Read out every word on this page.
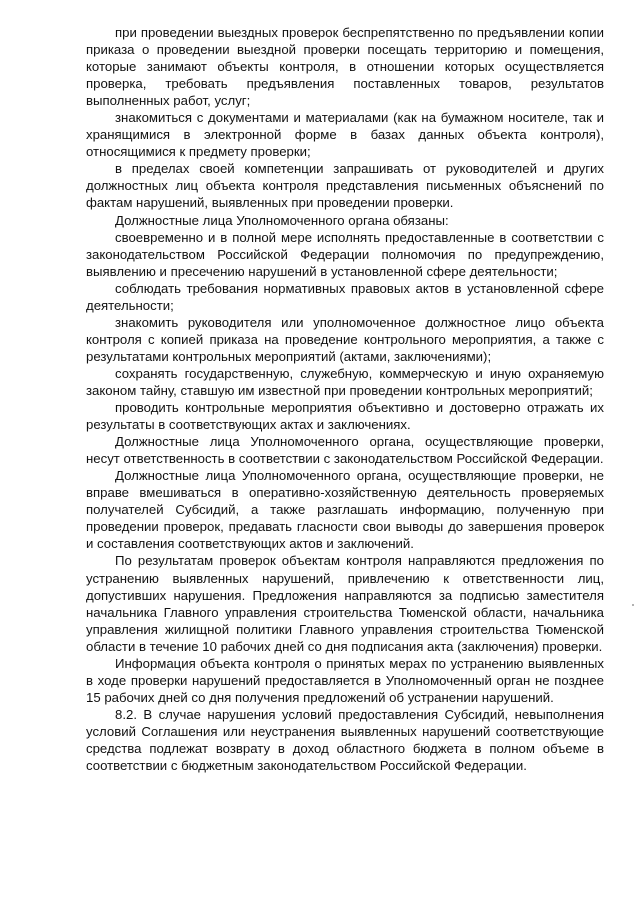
при проведении выездных проверок беспрепятственно по предъявлении копии приказа о проведении выездной проверки посещать территорию и помещения, которые занимают объекты контроля, в отношении которых осуществляется проверка, требовать предъявления поставленных товаров, результатов выполненных работ, услуг;

знакомиться с документами и материалами (как на бумажном носителе, так и хранящимися в электронной форме в базах данных объекта контроля), относящимися к предмету проверки;

в пределах своей компетенции запрашивать от руководителей и других должностных лиц объекта контроля представления письменных объяснений по фактам нарушений, выявленных при проведении проверки.

Должностные лица Уполномоченного органа обязаны:

своевременно и в полной мере исполнять предоставленные в соответствии с законодательством Российской Федерации полномочия по предупреждению, выявлению и пресечению нарушений в установленной сфере деятельности;

соблюдать требования нормативных правовых актов в установленной сфере деятельности;

знакомить руководителя или уполномоченное должностное лицо объекта контроля с копией приказа на проведение контрольного мероприятия, а также с результатами контрольных мероприятий (актами, заключениями);

сохранять государственную, служебную, коммерческую и иную охраняемую законом тайну, ставшую им известной при проведении контрольных мероприятий;

проводить контрольные мероприятия объективно и достоверно отражать их результаты в соответствующих актах и заключениях.

Должностные лица Уполномоченного органа, осуществляющие проверки, несут ответственность в соответствии с законодательством Российской Федерации.

Должностные лица Уполномоченного органа, осуществляющие проверки, не вправе вмешиваться в оперативно-хозяйственную деятельность проверяемых получателей Субсидий, а также разглашать информацию, полученную при проведении проверок, предавать гласности свои выводы до завершения проверок и составления соответствующих актов и заключений.

По результатам проверок объектам контроля направляются предложения по устранению выявленных нарушений, привлечению к ответственности лиц, допустивших нарушения. Предложения направляются за подписью заместителя начальника Главного управления строительства Тюменской области, начальника управления жилищной политики Главного управления строительства Тюменской области в течение 10 рабочих дней со дня подписания акта (заключения) проверки.

Информация объекта контроля о принятых мерах по устранению выявленных в ходе проверки нарушений предоставляется в Уполномоченный орган не позднее 15 рабочих дней со дня получения предложений об устранении нарушений.

8.2. В случае нарушения условий предоставления Субсидий, невыполнения условий Соглашения или неустранения выявленных нарушений соответствующие средства подлежат возврату в доход областного бюджета в полном объеме в соответствии с бюджетным законодательством Российской Федерации.
